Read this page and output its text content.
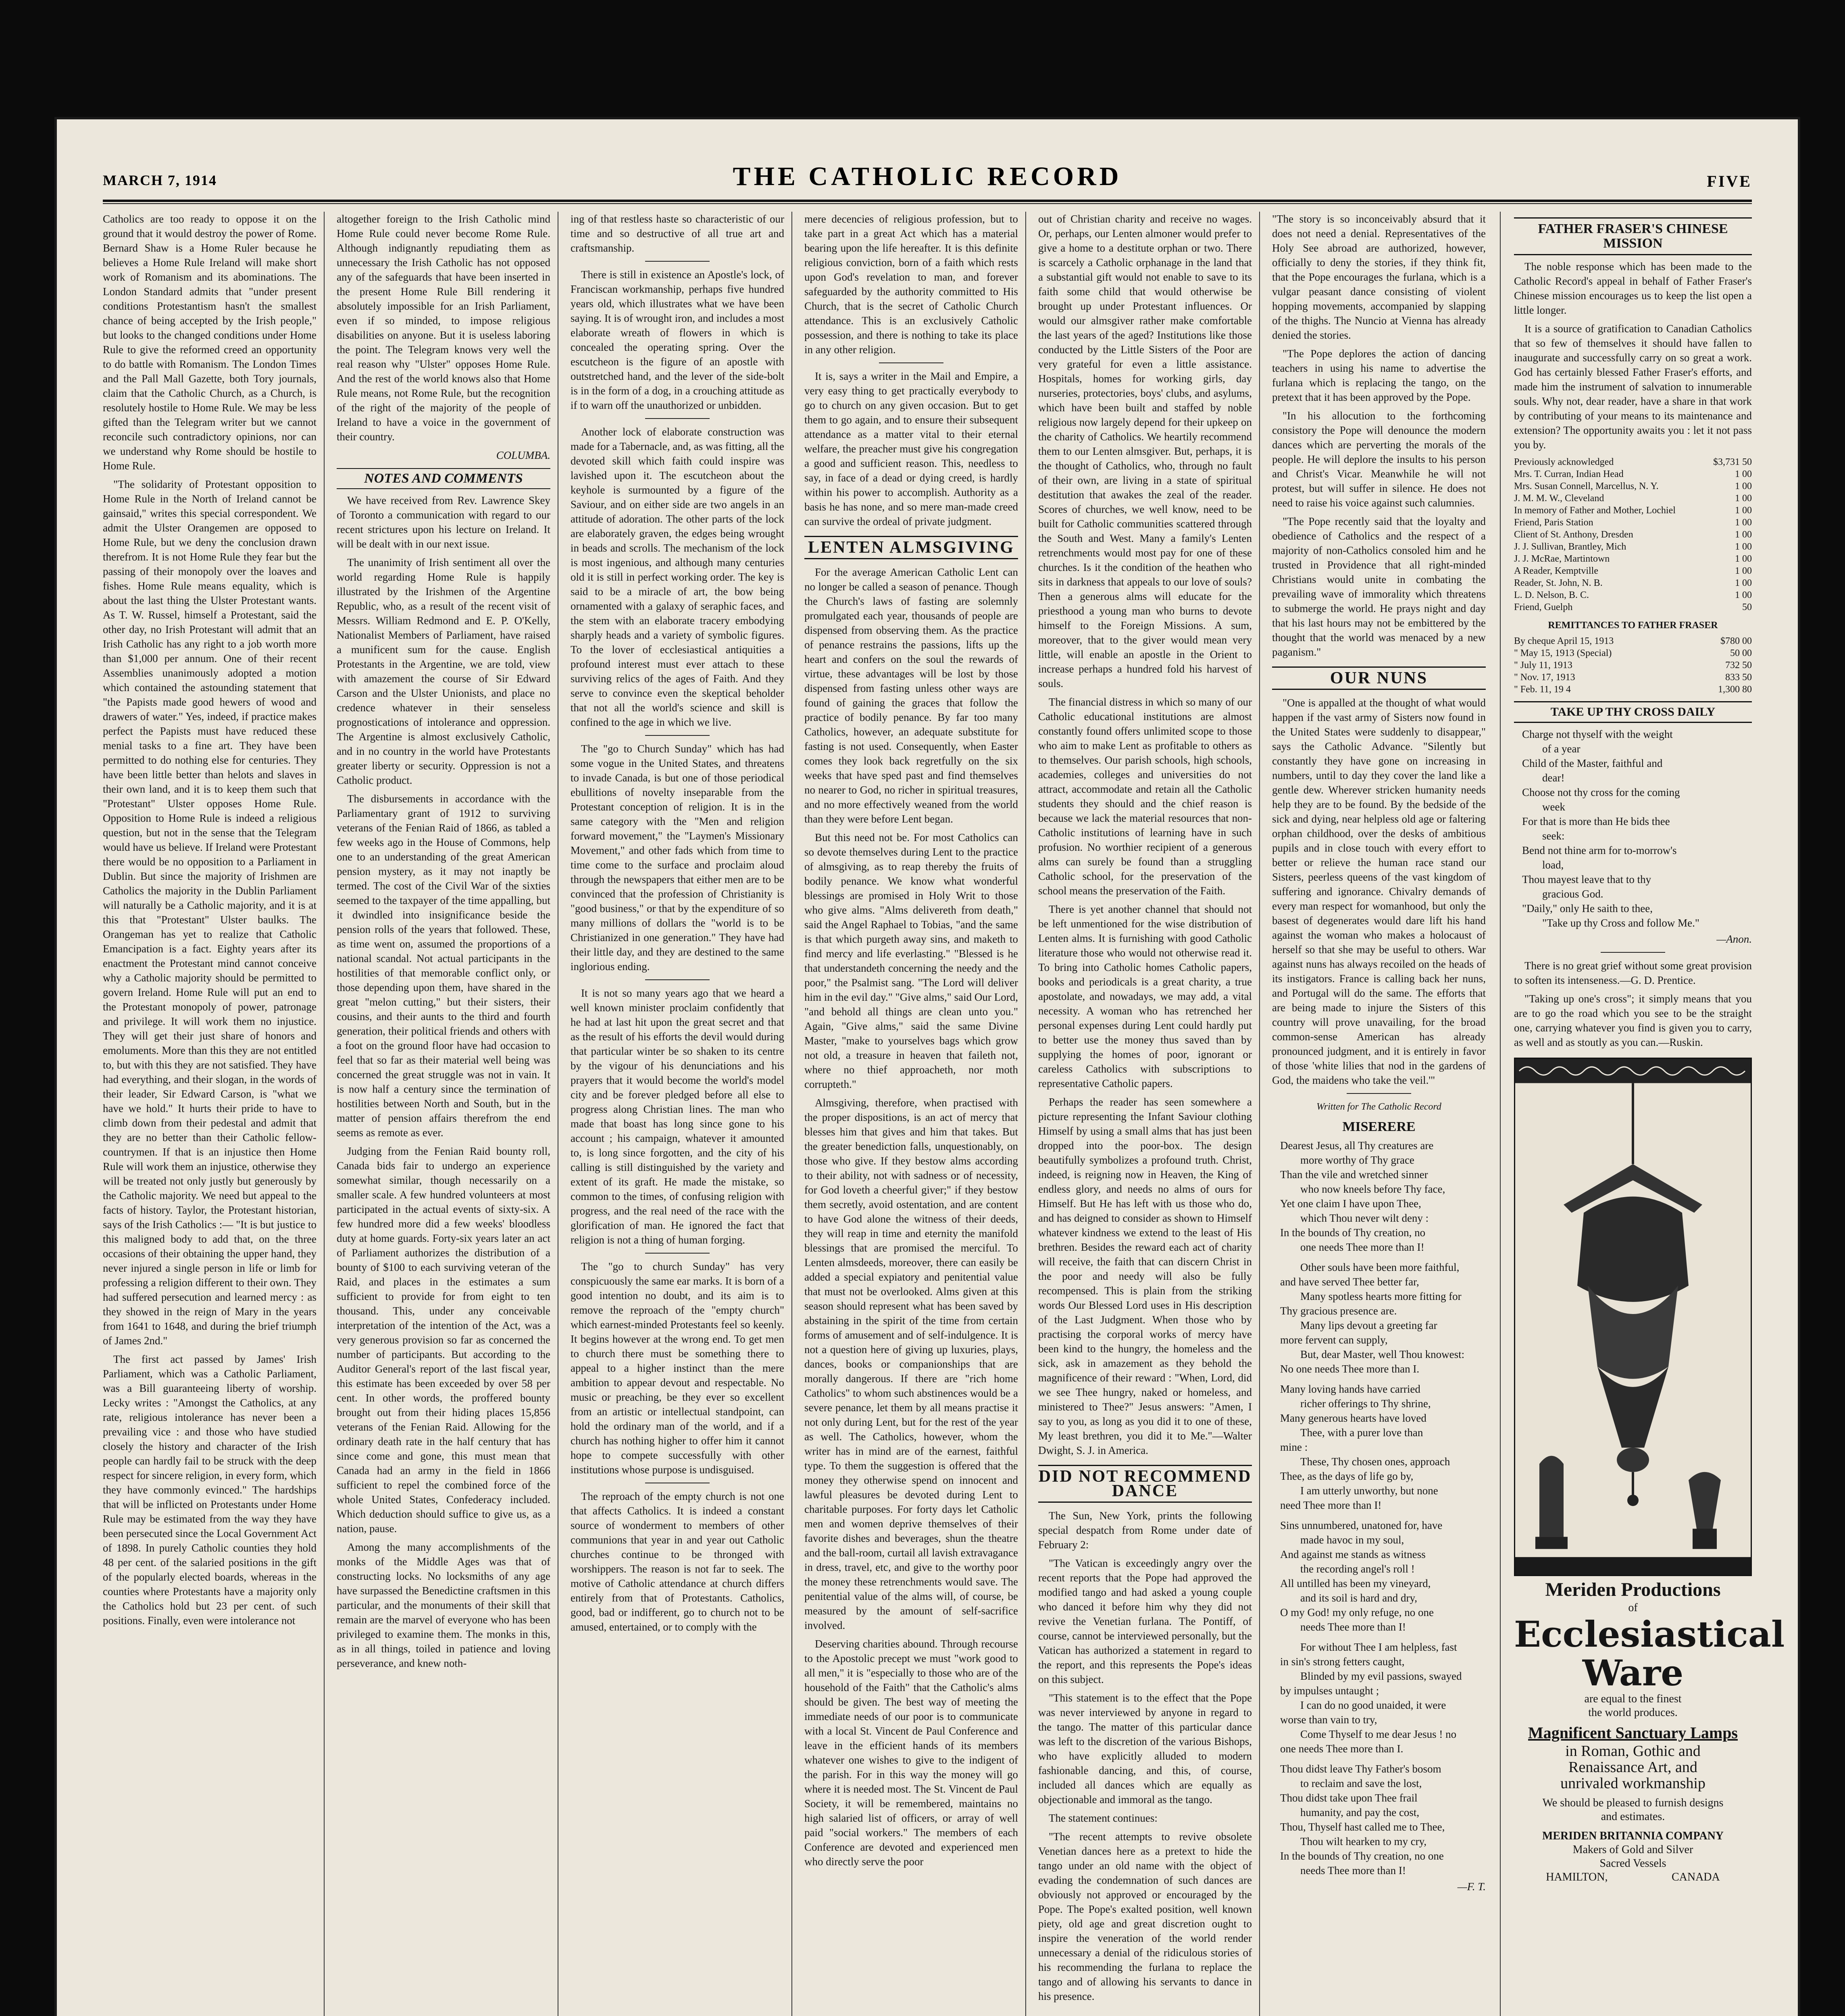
MARCH 7, 1914	THE CATHOLIC RECORD	FIVE

Catholics are too ready to oppose it on the ground that it would destroy the power of Rome. Bernard Shaw is a Home Ruler because he believes a Home Rule Ireland will make short work of Romanism and its abominations. The London Standard admits that "under present conditions Protestantism hasn't the smallest chance of being accepted by the Irish people," but looks to the changed conditions under Home Rule to give the reformed creed an opportunity to do battle with Romanism. The London Times and the Pall Mall Gazette, both Tory journals, claim that the Catholic Church, as a Church, is resolutely hostile to Home Rule. We may be less gifted than the Telegram writer but we cannot reconcile such contradictory opinions, nor can we understand why Rome should be hostile to Home Rule.

"The solidarity of Protestant opposition to Home Rule in the North of Ireland cannot be gainsaid," writes this special correspondent. We admit the Ulster Orangemen are opposed to Home Rule, but we deny the conclusion drawn therefrom. It is not Home Rule they fear but the passing of their monopoly over the loaves and fishes. Home Rule means equality, which is about the last thing the Ulster Protestant wants. As T. W. Russel, himself a Protestant, said the other day, no Irish Protestant will admit that an Irish Catholic has any right to a job worth more than $1,000 per annum. One of their recent Assemblies unanimously adopted a motion which contained the astounding statement that "the Papists made good hewers of wood and drawers of water." Yes, indeed, if practice makes perfect the Papists must have reduced these menial tasks to a fine art. They have been permitted to do nothing else for centuries. They have been little better than helots and slaves in their own land, and it is to keep them such that "Protestant" Ulster opposes Home Rule. Opposition to Home Rule is indeed a religious question, but not in the sense that the Telegram would have us believe. If Ireland were Protestant there would be no opposition to a Parliament in Dublin. But since the majority of Irishmen are Catholics the majority in the Dublin Parliament will naturally be a Catholic majority, and it is at this that "Protestant" Ulster baulks. The Orangeman has yet to realize that Catholic Emancipation is a fact. Eighty years after its enactment the Protestant mind cannot conceive why a Catholic majority should be permitted to govern Ireland. Home Rule will put an end to the Protestant monopoly of power, patronage and privilege. It will work them no injustice. They will get their just share of honors and emoluments. More than this they are not entitled to, but with this they are not satisfied. They have had everything, and their slogan, in the words of their leader, Sir Edward Carson, is "what we have we hold." It hurts their pride to have to climb down from their pedestal and admit that they are no better than their Catholic fellow-countrymen. If that is an injustice then Home Rule will work them an injustice, otherwise they will be treated not only justly but generously by the Catholic majority. We need but appeal to the facts of history. Taylor, the Protestant historian, says of the Irish Catholics :— "It is but justice to this maligned body to add that, on the three occasions of their obtaining the upper hand, they never injured a single person in life or limb for professing a religion different to their own. They had suffered persecution and learned mercy : as they showed in the reign of Mary in the years from 1641 to 1648, and during the brief triumph of James 2nd."

The first act passed by James' Irish Parliament, which was a Catholic Parliament, was a Bill guaranteeing liberty of worship. Lecky writes : "Amongst the Catholics, at any rate, religious intolerance has never been a prevailing vice : and those who have studied closely the history and character of the Irish people can hardly fail to be struck with the deep respect for sincere religion, in every form, which they have commonly evinced." The hardships that will be inflicted on Protestants under Home Rule may be estimated from the way they have been persecuted since the Local Government Act of 1898. In purely Catholic counties they hold 48 per cent. of the salaried positions in the gift of the popularly elected boards, whereas in the counties where Protestants have a majority only the Catholics hold but 23 per cent. of such positions. Finally, even were intolerance not

altogether foreign to the Irish Catholic mind Home Rule could never become Rome Rule. Although indignantly repudiating them as unnecessary the Irish Catholic has not opposed any of the safeguards that have been inserted in the present Home Rule Bill rendering it absolutely impossible for an Irish Parliament, even if so minded, to impose religious disabilities on anyone. But it is useless laboring the point. The Telegram knows very well the real reason why "Ulster" opposes Home Rule. And the rest of the world knows also that Home Rule means, not Rome Rule, but the recognition of the right of the majority of the people of Ireland to have a voice in the government of their country.

COLUMBA.
NOTES AND COMMENTS

We have received from Rev. Lawrence Skey of Toronto a communication with regard to our recent strictures upon his lecture on Ireland. It will be dealt with in our next issue.

The unanimity of Irish sentiment all over the world regarding Home Rule is happily illustrated by the Irishmen of the Argentine Republic, who, as a result of the recent visit of Messrs. William Redmond and E. P. O'Kelly, Nationalist Members of Parliament, have raised a munificent sum for the cause. English Protestants in the Argentine, we are told, view with amazement the course of Sir Edward Carson and the Ulster Unionists, and place no credence whatever in their senseless prognostications of intolerance and oppression. The Argentine is almost exclusively Catholic, and in no country in the world have Protestants greater liberty or security. Oppression is not a Catholic product.

The disbursements in accordance with the Parliamentary grant of 1912 to surviving veterans of the Fenian Raid of 1866, as tabled a few weeks ago in the House of Commons, help one to an understanding of the great American pension mystery, as it may not inaptly be termed. The cost of the Civil War of the sixties seemed to the taxpayer of the time appalling, but it dwindled into insignificance beside the pension rolls of the years that followed. These, as time went on, assumed the proportions of a national scandal. Not actual participants in the hostilities of that memorable conflict only, or those depending upon them, have shared in the great "melon cutting," but their sisters, their cousins, and their aunts to the third and fourth generation, their political friends and others with a foot on the ground floor have had occasion to feel that so far as their material well being was concerned the great struggle was not in vain. It is now half a century since the termination of hostilities between North and South, but in the matter of pension affairs therefrom the end seems as remote as ever.

Judging from the Fenian Raid bounty roll, Canada bids fair to undergo an experience somewhat similar, though necessarily on a smaller scale. A few hundred volunteers at most participated in the actual events of sixty-six. A few hundred more did a few weeks' bloodless duty at home guards. Forty-six years later an act of Parliament authorizes the distribution of a bounty of $100 to each surviving veteran of the Raid, and places in the estimates a sum sufficient to provide for from eight to ten thousand. This, under any conceivable interpretation of the intention of the Act, was a very generous provision so far as concerned the number of participants. But according to the Auditor General's report of the last fiscal year, this estimate has been exceeded by over 58 per cent. In other words, the proffered bounty brought out from their hiding places 15,856 veterans of the Fenian Raid. Allowing for the ordinary death rate in the half century that has since come and gone, this must mean that Canada had an army in the field in 1866 sufficient to repel the combined force of the whole United States, Confederacy included. Which deduction should suffice to give us, as a nation, pause.

Among the many accomplishments of the monks of the Middle Ages was that of constructing locks. No locksmiths of any age have surpassed the Benedictine craftsmen in this particular, and the monuments of their skill that remain are the marvel of everyone who has been privileged to examine them. The monks in this, as in all things, toiled in patience and loving perseverance, and knew noth-

ing of that restless haste so characteristic of our time and so destructive of all true art and craftsmanship.

There is still in existence an Apostle's lock, of Franciscan workmanship, perhaps five hundred years old, which illustrates what we have been saying. It is of wrought iron, and includes a most elaborate wreath of flowers in which is concealed the operating spring. Over the escutcheon is the figure of an apostle with outstretched hand, and the lever of the side-bolt is in the form of a dog, in a crouching attitude as if to warn off the unauthorized or unbidden.

Another lock of elaborate construction was made for a Tabernacle, and, as was fitting, all the devoted skill which faith could inspire was lavished upon it. The escutcheon about the keyhole is surmounted by a figure of the Saviour, and on either side are two angels in an attitude of adoration. The other parts of the lock are elaborately graven, the edges being wrought in beads and scrolls. The mechanism of the lock is most ingenious, and although many centuries old it is still in perfect working order. The key is said to be a miracle of art, the bow being ornamented with a galaxy of seraphic faces, and the stem with an elaborate tracery embodying sharply heads and a variety of symbolic figures. To the lover of ecclesiastical antiquities a profound interest must ever attach to these surviving relics of the ages of Faith. And they serve to convince even the skeptical beholder that not all the world's science and skill is confined to the age in which we live.

The "go to Church Sunday" which has had some vogue in the United States, and threatens to invade Canada, is but one of those periodical ebullitions of novelty inseparable from the Protestant conception of religion. It is in the same category with the "Men and religion forward movement," the "Laymen's Missionary Movement," and other fads which from time to time come to the surface and proclaim aloud through the newspapers that either men are to be convinced that the profession of Christianity is "good business," or that by the expenditure of so many millions of dollars the "world is to be Christianized in one generation." They have had their little day, and they are destined to the same inglorious ending.

It is not so many years ago that we heard a well known minister proclaim confidently that he had at last hit upon the great secret and that as the result of his efforts the devil would during that particular winter be so shaken to its centre by the vigour of his denunciations and his prayers that it would become the world's model city and be forever pledged before all else to progress along Christian lines. The man who made that boast has long since gone to his account ; his campaign, whatever it amounted to, is long since forgotten, and the city of his calling is still distinguished by the variety and extent of its graft. He made the mistake, so common to the times, of confusing religion with progress, and the real need of the race with the glorification of man. He ignored the fact that religion is not a thing of human forging.

The "go to church Sunday" has very conspicuously the same ear marks. It is born of a good intention no doubt, and its aim is to remove the reproach of the "empty church" which earnest-minded Protestants feel so keenly. It begins however at the wrong end. To get men to church there must be something there to appeal to a higher instinct than the mere ambition to appear devout and respectable. No music or preaching, be they ever so excellent from an artistic or intellectual standpoint, can hold the ordinary man of the world, and if a church has nothing higher to offer him it cannot hope to compete successfully with other institutions whose purpose is undisguised.

The reproach of the empty church is not one that affects Catholics. It is indeed a constant source of wonderment to members of other communions that year in and year out Catholic churches continue to be thronged with worshippers. The reason is not far to seek. The motive of Catholic attendance at church differs entirely from that of Protestants. Catholics, good, bad or indifferent, go to church not to be amused, entertained, or to comply with the

mere decencies of religious profession, but to take part in a great Act which has a material bearing upon the life hereafter. It is this definite religious conviction, born of a faith which rests upon God's revelation to man, and forever safeguarded by the authority committed to His Church, that is the secret of Catholic Church attendance. This is an exclusively Catholic possession, and there is nothing to take its place in any other religion.

It is, says a writer in the Mail and Empire, a very easy thing to get practically everybody to go to church on any given occasion. But to get them to go again, and to ensure their subsequent attendance as a matter vital to their eternal welfare, the preacher must give his congregation a good and sufficient reason. This, needless to say, in face of a dead or dying creed, is hardly within his power to accomplish. Authority as a basis he has none, and so mere man-made creed can survive the ordeal of private judgment.

LENTEN ALMSGIVING

For the average American Catholic Lent can no longer be called a season of penance. Though the Church's laws of fasting are solemnly promulgated each year, thousands of people are dispensed from observing them. As the practice of penance restrains the passions, lifts up the heart and confers on the soul the rewards of virtue, these advantages will be lost by those dispensed from fasting unless other ways are found of gaining the graces that follow the practice of bodily penance. By far too many Catholics, however, an adequate substitute for fasting is not used. Consequently, when Easter comes they look back regretfully on the six weeks that have sped past and find themselves no nearer to God, no richer in spiritual treasures, and no more effectively weaned from the world than they were before Lent began.

But this need not be. For most Catholics can so devote themselves during Lent to the practice of almsgiving, as to reap thereby the fruits of bodily penance. We know what wonderful blessings are promised in Holy Writ to those who give alms. "Alms delivereth from death," said the Angel Raphael to Tobias, "and the same is that which purgeth away sins, and maketh to find mercy and life everlasting." "Blessed is he that understandeth concerning the needy and the poor," the Psalmist sang. "The Lord will deliver him in the evil day." "Give alms," said Our Lord, "and behold all things are clean unto you." Again, "Give alms," said the same Divine Master, "make to yourselves bags which grow not old, a treasure in heaven that faileth not, where no thief approacheth, nor moth corrupteth."

Almsgiving, therefore, when practised with the proper dispositions, is an act of mercy that blesses him that gives and him that takes. But the greater benediction falls, unquestionably, on those who give. If they bestow alms according to their ability, not with sadness or of necessity, for God loveth a cheerful giver;" if they bestow them secretly, avoid ostentation, and are content to have God alone the witness of their deeds, they will reap in time and eternity the manifold blessings that are promised the merciful. To Lenten almsdeeds, moreover, there can easily be added a special expiatory and penitential value that must not be overlooked. Alms given at this season should represent what has been saved by abstaining in the spirit of the time from certain forms of amusement and of self-indulgence. It is not a question here of giving up luxuries, plays, dances, books or companionships that are morally dangerous. If there are "rich home Catholics" to whom such abstinences would be a severe penance, let them by all means practise it not only during Lent, but for the rest of the year as well. The Catholics, however, whom the writer has in mind are of the earnest, faithful type. To them the suggestion is offered that the money they otherwise spend on innocent and lawful pleasures be devoted during Lent to charitable purposes. For forty days let Catholic men and women deprive themselves of their favorite dishes and beverages, shun the theatre and the ball-room, curtail all lavish extravagance in dress, travel, etc, and give to the worthy poor the money these retrenchments would save. The penitential value of the alms will, of course, be measured by the amount of self-sacrifice involved.

Deserving charities abound. Through recourse to the Apostolic precept we must "work good to all men," it is "especially to those who are of the household of the Faith" that the Catholic's alms should be given. The best way of meeting the immediate needs of our poor is to communicate with a local St. Vincent de Paul Conference and leave in the efficient hands of its members whatever one wishes to give to the indigent of the parish. For in this way the money will go where it is needed most. The St. Vincent de Paul Society, it will be remembered, maintains no high salaried list of officers, or array of well paid "social workers." The members of each Conference are devoted and experienced men who directly serve the poor

out of Christian charity and receive no wages. Or, perhaps, our Lenten almoner would prefer to give a home to a destitute orphan or two. There is scarcely a Catholic orphanage in the land that a substantial gift would not enable to save to its faith some child that would otherwise be brought up under Protestant influences. Or would our almsgiver rather make comfortable the last years of the aged? Institutions like those conducted by the Little Sisters of the Poor are very grateful for even a little assistance. Hospitals, homes for working girls, day nurseries, protectories, boys' clubs, and asylums, which have been built and staffed by noble religious now largely depend for their upkeep on the charity of Catholics. We heartily recommend them to our Lenten almsgiver. But, perhaps, it is the thought of Catholics, who, through no fault of their own, are living in a state of spiritual destitution that awakes the zeal of the reader. Scores of churches, we well know, need to be built for Catholic communities scattered through the South and West. Many a family's Lenten retrenchments would most pay for one of these churches. Is it the condition of the heathen who sits in darkness that appeals to our love of souls? Then a generous alms will educate for the priesthood a young man who burns to devote himself to the Foreign Missions. A sum, moreover, that to the giver would mean very little, will enable an apostle in the Orient to increase perhaps a hundred fold his harvest of souls.

The financial distress in which so many of our Catholic educational institutions are almost constantly found offers unlimited scope to those who aim to make Lent as profitable to others as to themselves. Our parish schools, high schools, academies, colleges and universities do not attract, accommodate and retain all the Catholic students they should and the chief reason is because we lack the material resources that non-Catholic institutions of learning have in such profusion. No worthier recipient of a generous alms can surely be found than a struggling Catholic school, for the preservation of the school means the preservation of the Faith.

There is yet another channel that should not be left unmentioned for the wise distribution of Lenten alms. It is furnishing with good Catholic literature those who would not otherwise read it. To bring into Catholic homes Catholic papers, books and periodicals is a great charity, a true apostolate, and nowadays, we may add, a vital necessity. A woman who has retrenched her personal expenses during Lent could hardly put to better use the money thus saved than by supplying the homes of poor, ignorant or careless Catholics with subscriptions to representative Catholic papers.

Perhaps the reader has seen somewhere a picture representing the Infant Saviour clothing Himself by using a small alms that has just been dropped into the poor-box. The design beautifully symbolizes a profound truth. Christ, indeed, is reigning now in Heaven, the King of endless glory, and needs no alms of ours for Himself. But He has left with us those who do, and has deigned to consider as shown to Himself whatever kindness we extend to the least of His brethren. Besides the reward each act of charity will receive, the faith that can discern Christ in the poor and needy will also be fully recompensed. This is plain from the striking words Our Blessed Lord uses in His description of the Last Judgment. When those who by practising the corporal works of mercy have been kind to the hungry, the homeless and the sick, ask in amazement as they behold the magnificence of their reward : "When, Lord, did we see Thee hungry, naked or homeless, and ministered to Thee?" Jesus answers: "Amen, I say to you, as long as you did it to one of these, My least brethren, you did it to Me."—Walter Dwight, S. J. in America.

DID NOT RECOMMEND DANCE

The Sun, New York, prints the following special despatch from Rome under date of February 2:

"The Vatican is exceedingly angry over the recent reports that the Pope had approved the modified tango and had asked a young couple who danced it before him why they did not revive the Venetian furlana. The Pontiff, of course, cannot be interviewed personally, but the Vatican has authorized a statement in regard to the report, and this represents the Pope's ideas on this subject.

"This statement is to the effect that the Pope was never interviewed by anyone in regard to the tango. The matter of this particular dance was left to the discretion of the various Bishops, who have explicitly alluded to modern fashionable dancing, and this, of course, included all dances which are equally as objectionable and immoral as the tango.

The statement continues:

"The recent attempts to revive obsolete Venetian dances here as a pretext to hide the tango under an old name with the object of evading the condemnation of such dances are obviously not approved or encouraged by the Pope. The Pope's exalted position, well known piety, old age and great discretion ought to inspire the veneration of the world render unnecessary a denial of the ridiculous stories of his recommending the furlana to replace the tango and of allowing his servants to dance in his presence.

"The story is so inconceivably absurd that it does not need a denial. Representatives of the Holy See abroad are authorized, however, officially to deny the stories, if they think fit, that the Pope encourages the furlana, which is a vulgar peasant dance consisting of violent hopping movements, accompanied by slapping of the thighs. The Nuncio at Vienna has already denied the stories.

"The Pope deplores the action of dancing teachers in using his name to advertise the furlana which is replacing the tango, on the pretext that it has been approved by the Pope.

"In his allocution to the forthcoming consistory the Pope will denounce the modern dances which are perverting the morals of the people. He will deplore the insults to his person and Christ's Vicar. Meanwhile he will not protest, but will suffer in silence. He does not need to raise his voice against such calumnies.

"The Pope recently said that the loyalty and obedience of Catholics and the respect of a majority of non-Catholics consoled him and he trusted in Providence that all right-minded Christians would unite in combating the prevailing wave of immorality which threatens to submerge the world. He prays night and day that his last hours may not be embittered by the thought that the world was menaced by a new paganism."

OUR NUNS

"One is appalled at the thought of what would happen if the vast army of Sisters now found in the United States were suddenly to disappear," says the Catholic Advance. "Silently but constantly they have gone on increasing in numbers, until to day they cover the land like a gentle dew. Wherever stricken humanity needs help they are to be found. By the bedside of the sick and dying, near helpless old age or faltering orphan childhood, over the desks of ambitious pupils and in close touch with every effort to better or relieve the human race stand our Sisters, peerless queens of the vast kingdom of suffering and ignorance. Chivalry demands of every man respect for womanhood, but only the basest of degenerates would dare lift his hand against the woman who makes a holocaust of herself so that she may be useful to others. War against nuns has always recoiled on the heads of its instigators. France is calling back her nuns, and Portugal will do the same. The efforts that are being made to injure the Sisters of this country will prove unavailing, for the broad common-sense American has already pronounced judgment, and it is entirely in favor of those 'white lilies that nod in the gardens of God, the maidens who take the veil.'"

Written for The Catholic Record
MISERERE
Dearest Jesus, all Thy creatures are
more worthy of Thy grace
Than the vile and wretched sinner
who now kneels before Thy face,
Yet one claim I have upon Thee,
which Thou never wilt deny :
In the bounds of Thy creation, no
one needs Thee more than I!
Other souls have been more faithful,
and have served Thee better far,
Many spotless hearts more fitting for
Thy gracious presence are.
Many lips devout a greeting far
more fervent can supply,
But, dear Master, well Thou knowest:
No one needs Thee more than I.
Many loving hands have carried
richer offerings to Thy shrine,
Many generous hearts have loved
Thee, with a purer love than
mine :
These, Thy chosen ones, approach
Thee, as the days of life go by,
I am utterly unworthy, but none
need Thee more than I!
Sins unnumbered, unatoned for, have
made havoc in my soul,
And against me stands as witness
the recording angel's roll !
All untilled has been my vineyard,
and its soil is hard and dry,
O my God! my only refuge, no one
needs Thee more than I!
For without Thee I am helpless, fast
in sin's strong fetters caught,
Blinded by my evil passions, swayed
by impulses untaught ;
I can do no good unaided, it were
worse than vain to try,
Come Thyself to me dear Jesus ! no
one needs Thee more than I.
Thou didst leave Thy Father's bosom
to reclaim and save the lost,
Thou didst take upon Thee frail
humanity, and pay the cost,
Thou, Thyself hast called me to Thee,
Thou wilt hearken to my cry,
In the bounds of Thy creation, no one
needs Thee more than I!
—F. T.
FATHER FRASER'S CHINESE MISSION

The noble response which has been made to the Catholic Record's appeal in behalf of Father Fraser's Chinese mission encourages us to keep the list open a little longer.

It is a source of gratification to Canadian Catholics that so few of themselves it should have fallen to inaugurate and successfully carry on so great a work. God has certainly blessed Father Fraser's efforts, and made him the instrument of salvation to innumerable souls. Why not, dear reader, have a share in that work by contributing of your means to its maintenance and extension? The opportunity awaits you : let it not pass you by.

Previously acknowledged	$3,731 50
Mrs. T. Curran, Indian Head	1 00
Mrs. Susan Connell, Marcellus, N. Y.	1 00
J. M. M. W., Cleveland	1 00
In memory of Father and Mother, Lochiel	1 00
Friend, Paris Station	1 00
Client of St. Anthony, Dresden	1 00
J. J. Sullivan, Brantley, Mich	1 00
J. J. McRae, Martintown	1 00
A Reader, Kemptville	1 00
Reader, St. John, N. B.	1 00
L. D. Nelson, B. C.	1 00
Friend, Guelph	50
REMITTANCES TO FATHER FRASER
By cheque April 15, 1913	$780 00
" May 15, 1913 (Special)	50 00
" July 11, 1913	732 50
" Nov. 17, 1913	833 50
" Feb. 11, 19 4	1,300 80
TAKE UP THY CROSS DAILY
Charge not thyself with the weight
of a year
Child of the Master, faithful and
dear!
Choose not thy cross for the coming
week
For that is more than He bids thee
seek:
Bend not thine arm for to-morrow's
load,
Thou mayest leave that to thy
gracious God.
"Daily," only He saith to thee,
"Take up thy Cross and follow Me."
—Anon.

There is no great grief without some great provision to soften its intenseness.—G. D. Prentice.

"Taking up one's cross"; it simply means that you are to go the road which you see to be the straight one, carrying whatever you find is given you to carry, as well and as stoutly as you can.—Ruskin.

Meriden Productions
of
Ecclesiastical
Ware
are equal to the finest
the world produces.
Magnificent Sanctuary Lamps
in Roman, Gothic and
Renaissance Art, and
unrivaled workmanship
We should be pleased to furnish designs
and estimates.
MERIDEN BRITANNIA COMPANY
Makers of Gold and Silver
Sacred Vessels
HAMILTON,	CANADA
